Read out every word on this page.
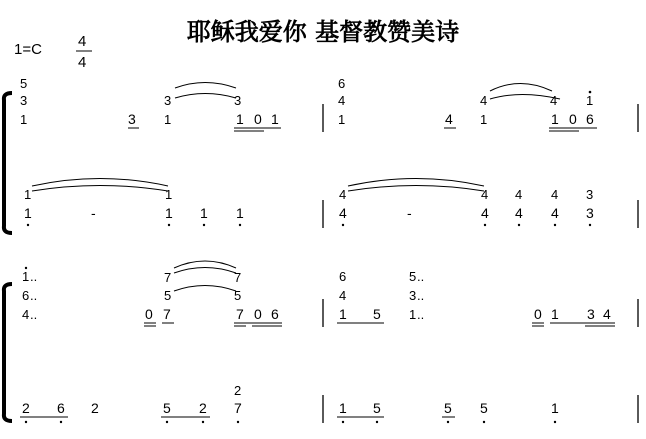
耶稣我爱你 基督教赞美诗
1=C 4
4
5
3
1	3
3
1
3
1 0 1
6
4
1	4
4
1
4 1
1 0 6
1
1	-
1
1 1 1
4
4	-
4
4
4
4
4
4
3
3
1 ..
6 ..
4 ..	0 7
7
5
7
5
7 0 6
6
4
1 5
5 ..
3 ..
1 ..	0 1 3 4
2 6 2	5 2
2
7	1 5	5 5	1
